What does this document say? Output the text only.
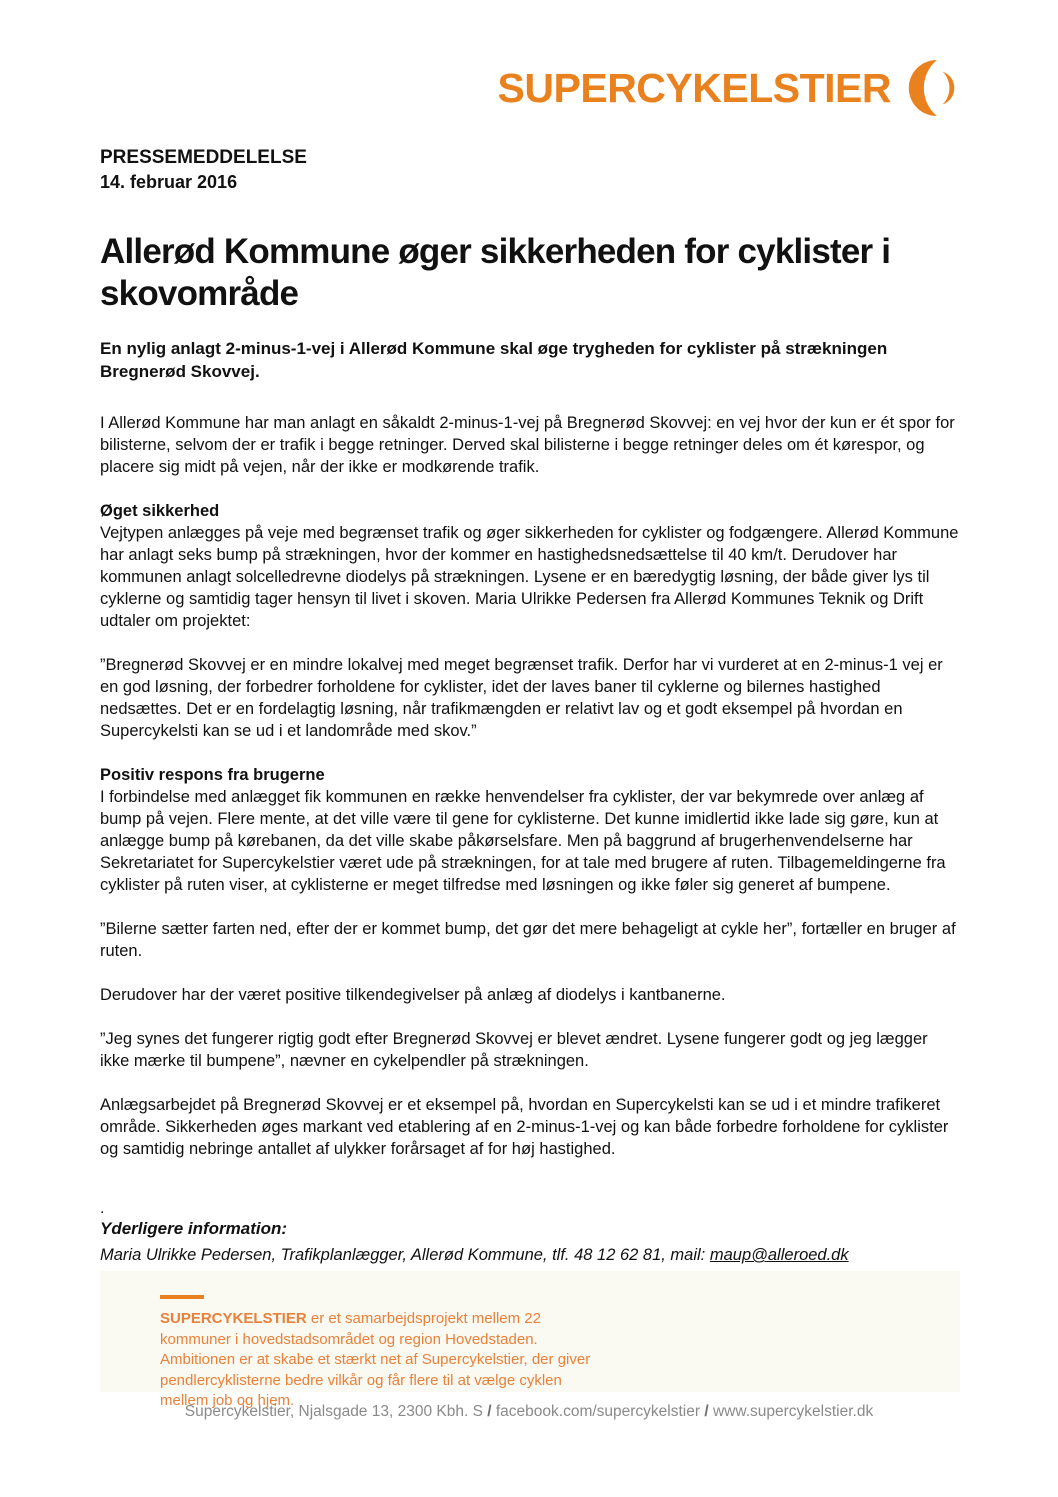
SUPERCYKELSTIER
PRESSEMEDDELELSE
14. februar 2016
Allerød Kommune øger sikkerheden for cyklister i skovområde

En nylig anlagt 2-minus-1-vej i Allerød Kommune skal øge trygheden for cyklister på strækningen Bregnerød Skovvej.

I Allerød Kommune har man anlagt en såkaldt 2-minus-1-vej på Bregnerød Skovvej: en vej hvor der kun er ét spor for bilisterne, selvom der er trafik i begge retninger. Derved skal bilisterne i begge retninger deles om ét kørespor, og placere sig midt på vejen, når der ikke er modkørende trafik.

Øget sikkerhed

Vejtypen anlægges på veje med begrænset trafik og øger sikkerheden for cyklister og fodgængere. Allerød Kommune har anlagt seks bump på strækningen, hvor der kommer en hastighedsnedsættelse til 40 km/t. Derudover har kommunen anlagt solcelledrevne diodelys på strækningen. Lysene er en bæredygtig løsning, der både giver lys til cyklerne og samtidig tager hensyn til livet i skoven. Maria Ulrikke Pedersen fra Allerød Kommunes Teknik og Drift udtaler om projektet:

”Bregnerød Skovvej er en mindre lokalvej med meget begrænset trafik. Derfor har vi vurderet at en 2-minus-1 vej er en god løsning, der forbedrer forholdene for cyklister, idet der laves baner til cyklerne og bilernes hastighed nedsættes. Det er en fordelagtig løsning, når trafikmængden er relativt lav og et godt eksempel på hvordan en Supercykelsti kan se ud i et landområde med skov.”

Positiv respons fra brugerne

I forbindelse med anlægget fik kommunen en række henvendelser fra cyklister, der var bekymrede over anlæg af bump på vejen. Flere mente, at det ville være til gene for cyklisterne. Det kunne imidlertid ikke lade sig gøre, kun at anlægge bump på kørebanen, da det ville skabe påkørselsfare. Men på baggrund af brugerhenvendelserne har Sekretariatet for Supercykelstier været ude på strækningen, for at tale med brugere af ruten. Tilbagemeldingerne fra cyklister på ruten viser, at cyklisterne er meget tilfredse med løsningen og ikke føler sig generet af bumpene.

”Bilerne sætter farten ned, efter der er kommet bump, det gør det mere behageligt at cykle her”, fortæller en bruger af ruten.

Derudover har der været positive tilkendegivelser på anlæg af diodelys i kantbanerne.

”Jeg synes det fungerer rigtig godt efter Bregnerød Skovvej er blevet ændret. Lysene fungerer godt og jeg lægger ikke mærke til bumpene”, nævner en cykelpendler på strækningen.

Anlægsarbejdet på Bregnerød Skovvej er et eksempel på, hvordan en Supercykelsti kan se ud i et mindre trafikeret område. Sikkerheden øges markant ved etablering af en 2-minus-1-vej og kan både forbedre forholdene for cyklister og samtidig nebringe antallet af ulykker forårsaget af for høj hastighed.

.
Yderligere information:
Maria Ulrikke Pedersen, Trafikplanlægger, Allerød Kommune, tlf. 48 12 62 81, mail: maup@alleroed.dk

SUPERCYKELSTIER er et samarbejdsprojekt mellem 22 kommuner i hovedstadsområdet og region Hovedstaden. Ambitionen er at skabe et stærkt net af Supercykelstier, der giver pendlercyklisterne bedre vilkår og får flere til at vælge cyklen mellem job og hjem.

Supercykelstier, Njalsgade 13, 2300 Kbh. S / facebook.com/supercykelstier / www.supercykelstier.dk
